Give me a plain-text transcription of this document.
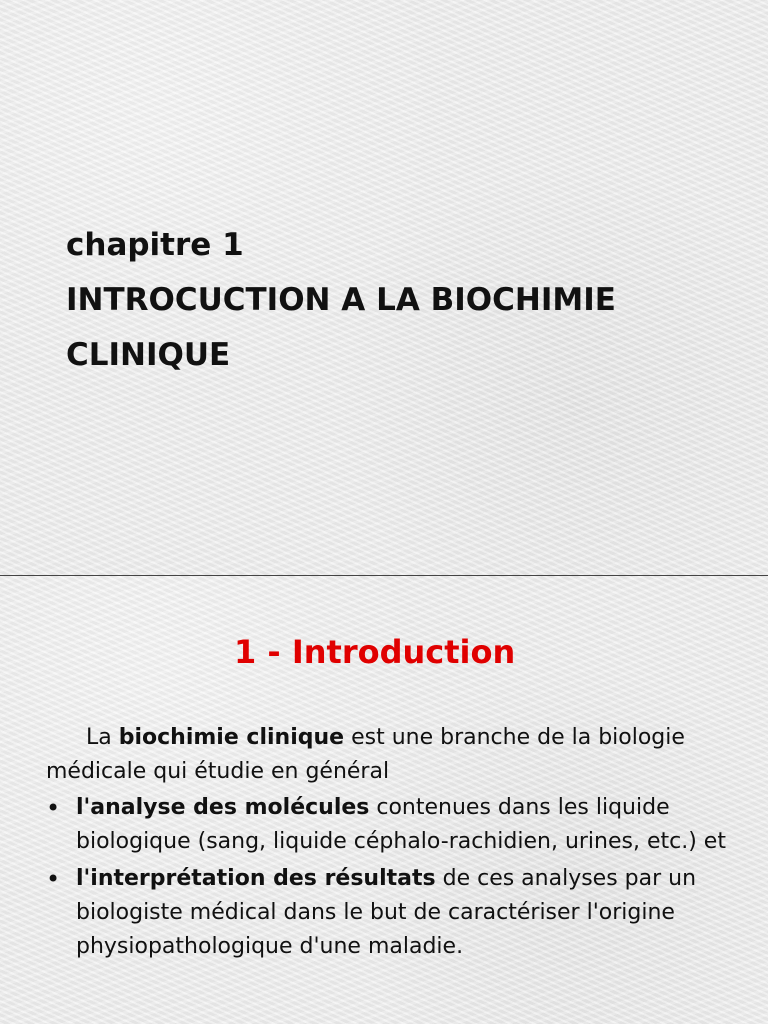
chapitre 1
INTROCUCTION A LA BIOCHIMIE
CLINIQUE
1 - Introduction

La biochimie clinique est une branche de la biologie médicale qui étudie en général

• l'analyse des molécules contenues dans les liquide biologique (sang, liquide céphalo-rachidien, urines, etc.) et
• l'interprétation des résultats de ces analyses par un biologiste médical dans le but de caractériser l'origine physiopathologique d'une maladie.
